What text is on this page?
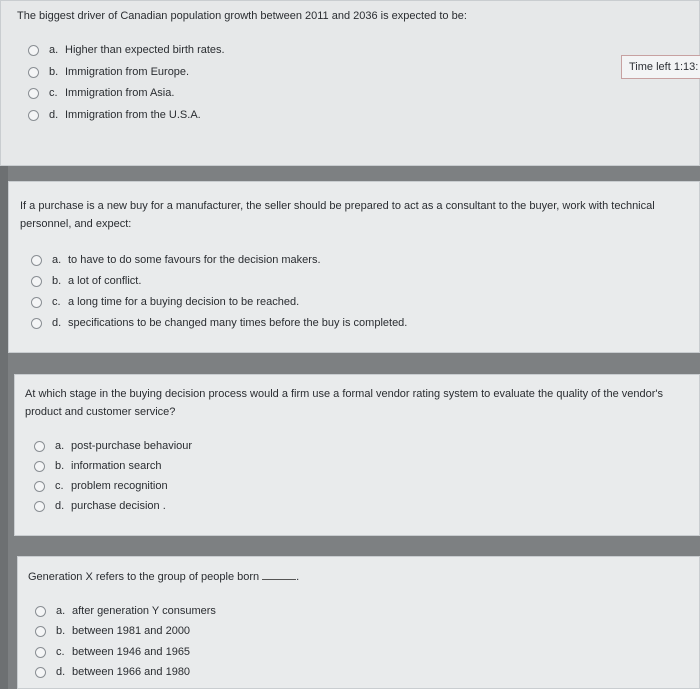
The biggest driver of Canadian population growth between 2011 and 2036 is expected to be:
a. Higher than expected birth rates.
b. Immigration from Europe.
c. Immigration from Asia.
d. Immigration from the U.S.A.
Time left 1:13:
If a purchase is a new buy for a manufacturer, the seller should be prepared to act as a consultant to the buyer, work with technical personnel, and expect:
a. to have to do some favours for the decision makers.
b. a lot of conflict.
c. a long time for a buying decision to be reached.
d. specifications to be changed many times before the buy is completed.
At which stage in the buying decision process would a firm use a formal vendor rating system to evaluate the quality of the vendor's product and customer service?
a. post-purchase behaviour
b. information search
c. problem recognition
d. purchase decision .
Generation X refers to the group of people born	.
a. after generation Y consumers
b. between 1981 and 2000
c. between 1946 and 1965
d. between 1966 and 1980
